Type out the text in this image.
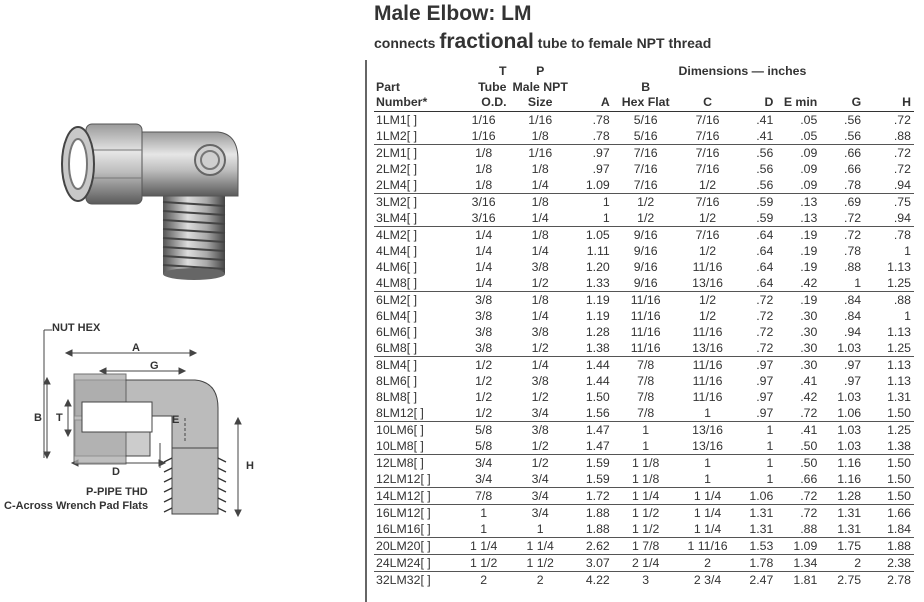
NUT HEX
A
G
B T	E
D	H
P-PIPE THD
C-Across Wrench Pad Flats
Male Elbow: LM
connects fractional tube to female NPT thread
	T	P	Dimensions — inches						
Part	Tube	Male NPT		B					
Number*	O.D.	Size	A	Hex Flat	C	D	E min	G	H
1LM1[ ]	1/16	1/16	.78	5/16	7/16	.41	.05	.56	.72
1LM2[ ]	1/16	1/8	.78	5/16	7/16	.41	.05	.56	.88
2LM1[ ]	1/8	1/16	.97	7/16	7/16	.56	.09	.66	.72
2LM2[ ]	1/8	1/8	.97	7/16	7/16	.56	.09	.66	.72
2LM4[ ]	1/8	1/4	1.09	7/16	1/2	.56	.09	.78	.94
3LM2[ ]	3/16	1/8	1	1/2	7/16	.59	.13	.69	.75
3LM4[ ]	3/16	1/4	1	1/2	1/2	.59	.13	.72	.94
4LM2[ ]	1/4	1/8	1.05	9/16	7/16	.64	.19	.72	.78
4LM4[ ]	1/4	1/4	1.11	9/16	1/2	.64	.19	.78	1
4LM6[ ]	1/4	3/8	1.20	9/16	11/16	.64	.19	.88	1.13
4LM8[ ]	1/4	1/2	1.33	9/16	13/16	.64	.42	1	1.25
6LM2[ ]	3/8	1/8	1.19	11/16	1/2	.72	.19	.84	.88
6LM4[ ]	3/8	1/4	1.19	11/16	1/2	.72	.30	.84	1
6LM6[ ]	3/8	3/8	1.28	11/16	11/16	.72	.30	.94	1.13
6LM8[ ]	3/8	1/2	1.38	11/16	13/16	.72	.30	1.03	1.25
8LM4[ ]	1/2	1/4	1.44	7/8	11/16	.97	.30	.97	1.13
8LM6[ ]	1/2	3/8	1.44	7/8	11/16	.97	.41	.97	1.13
8LM8[ ]	1/2	1/2	1.50	7/8	11/16	.97	.42	1.03	1.31
8LM12[ ]	1/2	3/4	1.56	7/8	1	.97	.72	1.06	1.50
10LM6[ ]	5/8	3/8	1.47	1	13/16	1	.41	1.03	1.25
10LM8[ ]	5/8	1/2	1.47	1	13/16	1	.50	1.03	1.38
12LM8[ ]	3/4	1/2	1.59	1 1/8	1	1	.50	1.16	1.50
12LM12[ ]	3/4	3/4	1.59	1 1/8	1	1	.66	1.16	1.50
14LM12[ ]	7/8	3/4	1.72	1 1/4	1 1/4	1.06	.72	1.28	1.50
16LM12[ ]	1	3/4	1.88	1 1/2	1 1/4	1.31	.72	1.31	1.66
16LM16[ ]	1	1	1.88	1 1/2	1 1/4	1.31	.88	1.31	1.84
20LM20[ ]	1 1/4	1 1/4	2.62	1 7/8	1 11/16	1.53	1.09	1.75	1.88
24LM24[ ]	1 1/2	1 1/2	3.07	2 1/4	2	1.78	1.34	2	2.38
32LM32[ ]	2	2	4.22	3	2 3/4	2.47	1.81	2.75	2.78
